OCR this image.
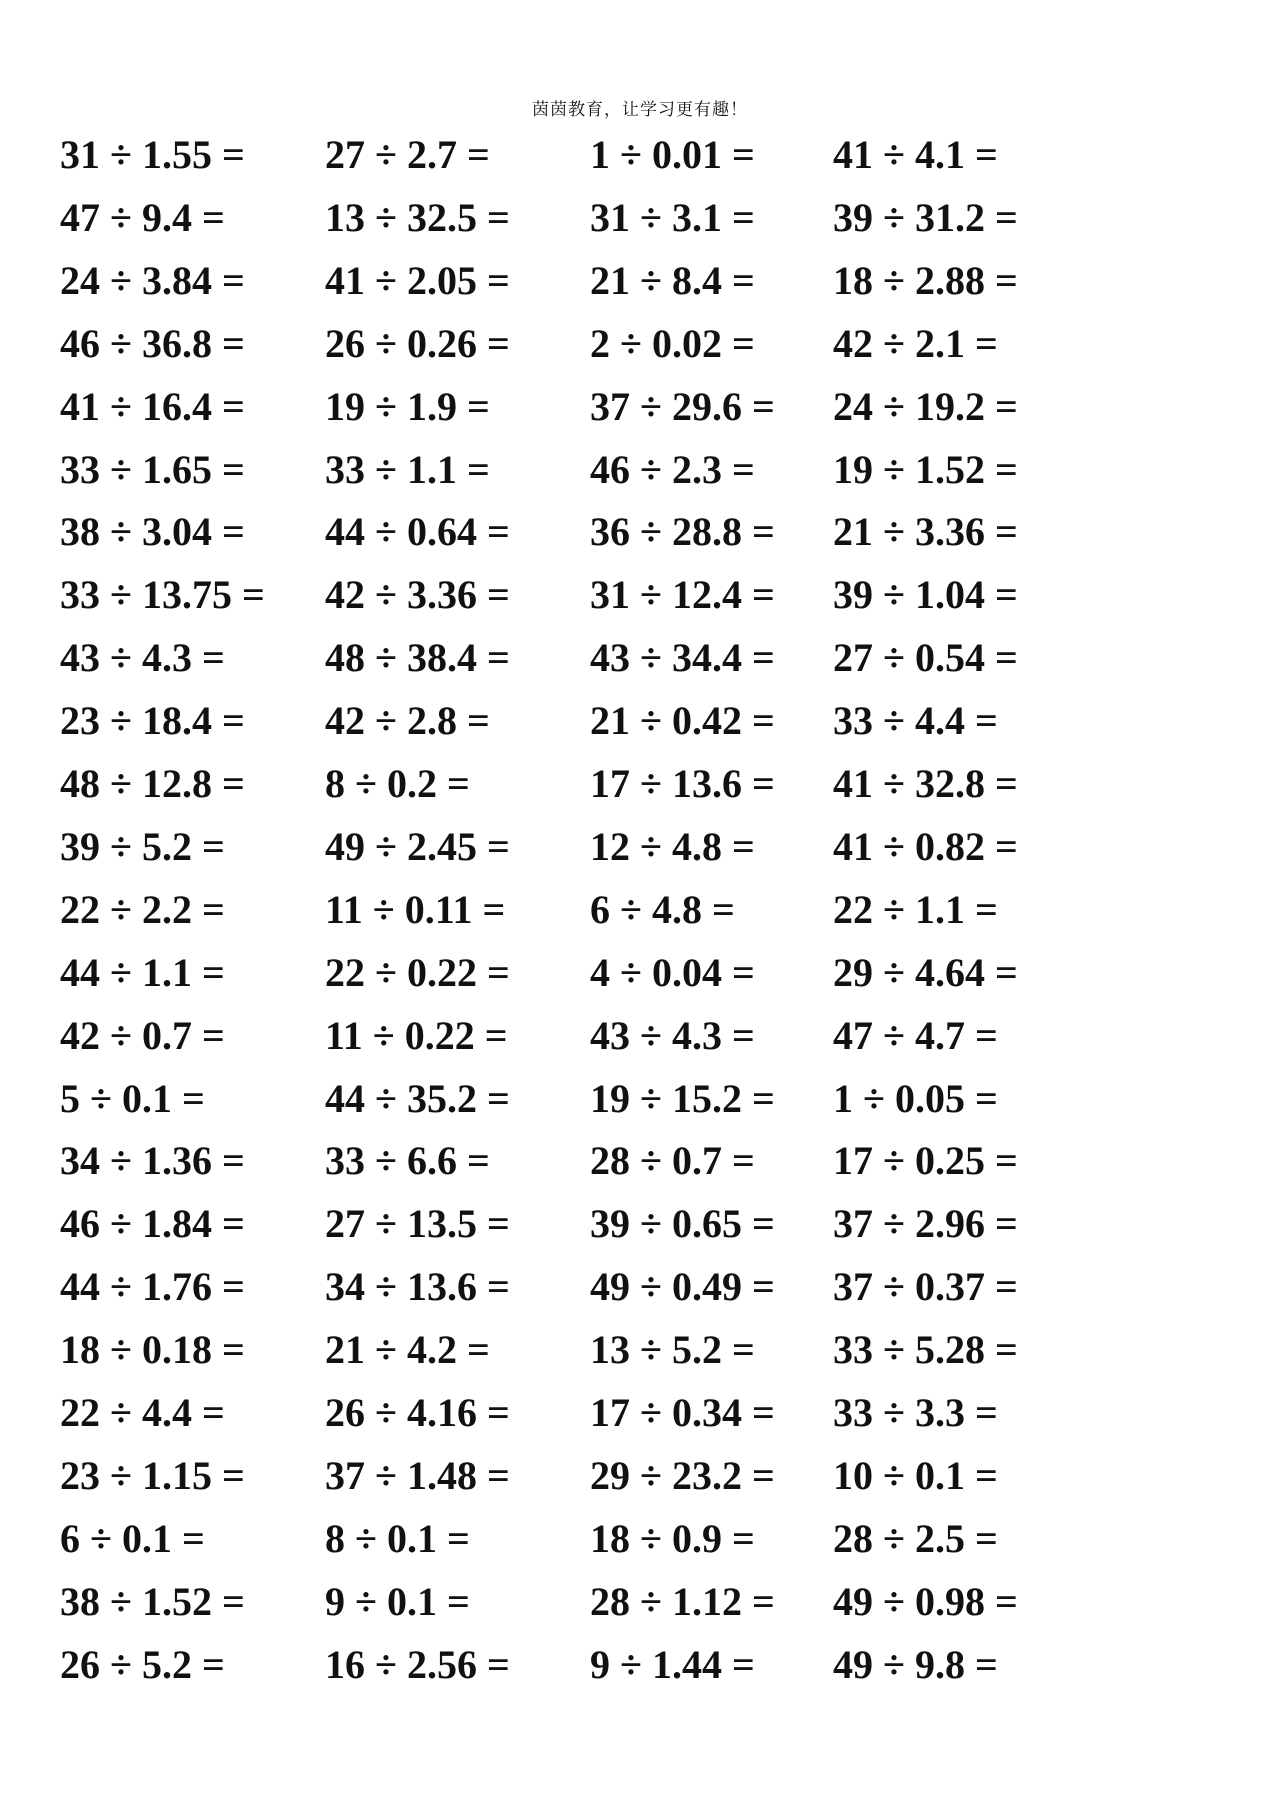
茵茵教育，让学习更有趣！
31 ÷ 1.55 = 27 ÷ 2.7 =	1 ÷ 0.01 = 41 ÷ 4.1 =
47 ÷ 9.4 =	13 ÷ 32.5 = 31 ÷ 3.1 = 39 ÷ 31.2 =
24 ÷ 3.84 = 41 ÷ 2.05 = 21 ÷ 8.4 = 18 ÷ 2.88 =
46 ÷ 36.8 = 26 ÷ 0.26 = 2 ÷ 0.02 = 42 ÷ 2.1 =
41 ÷ 16.4 = 19 ÷ 1.9 =	37 ÷ 29.6 = 24 ÷ 19.2 =
33 ÷ 1.65 = 33 ÷ 1.1 =	46 ÷ 2.3 = 19 ÷ 1.52 =
38 ÷ 3.04 = 44 ÷ 0.64 = 36 ÷ 28.8 = 21 ÷ 3.36 =
33 ÷ 13.75 = 42 ÷ 3.36 = 31 ÷ 12.4 = 39 ÷ 1.04 =
43 ÷ 4.3 =	48 ÷ 38.4 = 43 ÷ 34.4 = 27 ÷ 0.54 =
23 ÷ 18.4 = 42 ÷ 2.8 =	21 ÷ 0.42 = 33 ÷ 4.4 =
48 ÷ 12.8 = 8 ÷ 0.2 =	17 ÷ 13.6 = 41 ÷ 32.8 =
39 ÷ 5.2 =	49 ÷ 2.45 = 12 ÷ 4.8 = 41 ÷ 0.82 =
22 ÷ 2.2 =	11 ÷ 0.11 = 6 ÷ 4.8 = 22 ÷ 1.1 =
44 ÷ 1.1 =	22 ÷ 0.22 = 4 ÷ 0.04 = 29 ÷ 4.64 =
42 ÷ 0.7 =	11 ÷ 0.22 = 43 ÷ 4.3 = 47 ÷ 4.7 =
5 ÷ 0.1 =	44 ÷ 35.2 = 19 ÷ 15.2 = 1 ÷ 0.05 =
34 ÷ 1.36 = 33 ÷ 6.6 =	28 ÷ 0.7 = 17 ÷ 0.25 =
46 ÷ 1.84 = 27 ÷ 13.5 = 39 ÷ 0.65 = 37 ÷ 2.96 =
44 ÷ 1.76 = 34 ÷ 13.6 = 49 ÷ 0.49 = 37 ÷ 0.37 =
18 ÷ 0.18 = 21 ÷ 4.2 =	13 ÷ 5.2 = 33 ÷ 5.28 =
22 ÷ 4.4 =	26 ÷ 4.16 = 17 ÷ 0.34 = 33 ÷ 3.3 =
23 ÷ 1.15 = 37 ÷ 1.48 = 29 ÷ 23.2 = 10 ÷ 0.1 =
6 ÷ 0.1 =	8 ÷ 0.1 =	18 ÷ 0.9 = 28 ÷ 2.5 =
38 ÷ 1.52 = 9 ÷ 0.1 =	28 ÷ 1.12 = 49 ÷ 0.98 =
26 ÷ 5.2 =	16 ÷ 2.56 = 9 ÷ 1.44 = 49 ÷ 9.8 =
